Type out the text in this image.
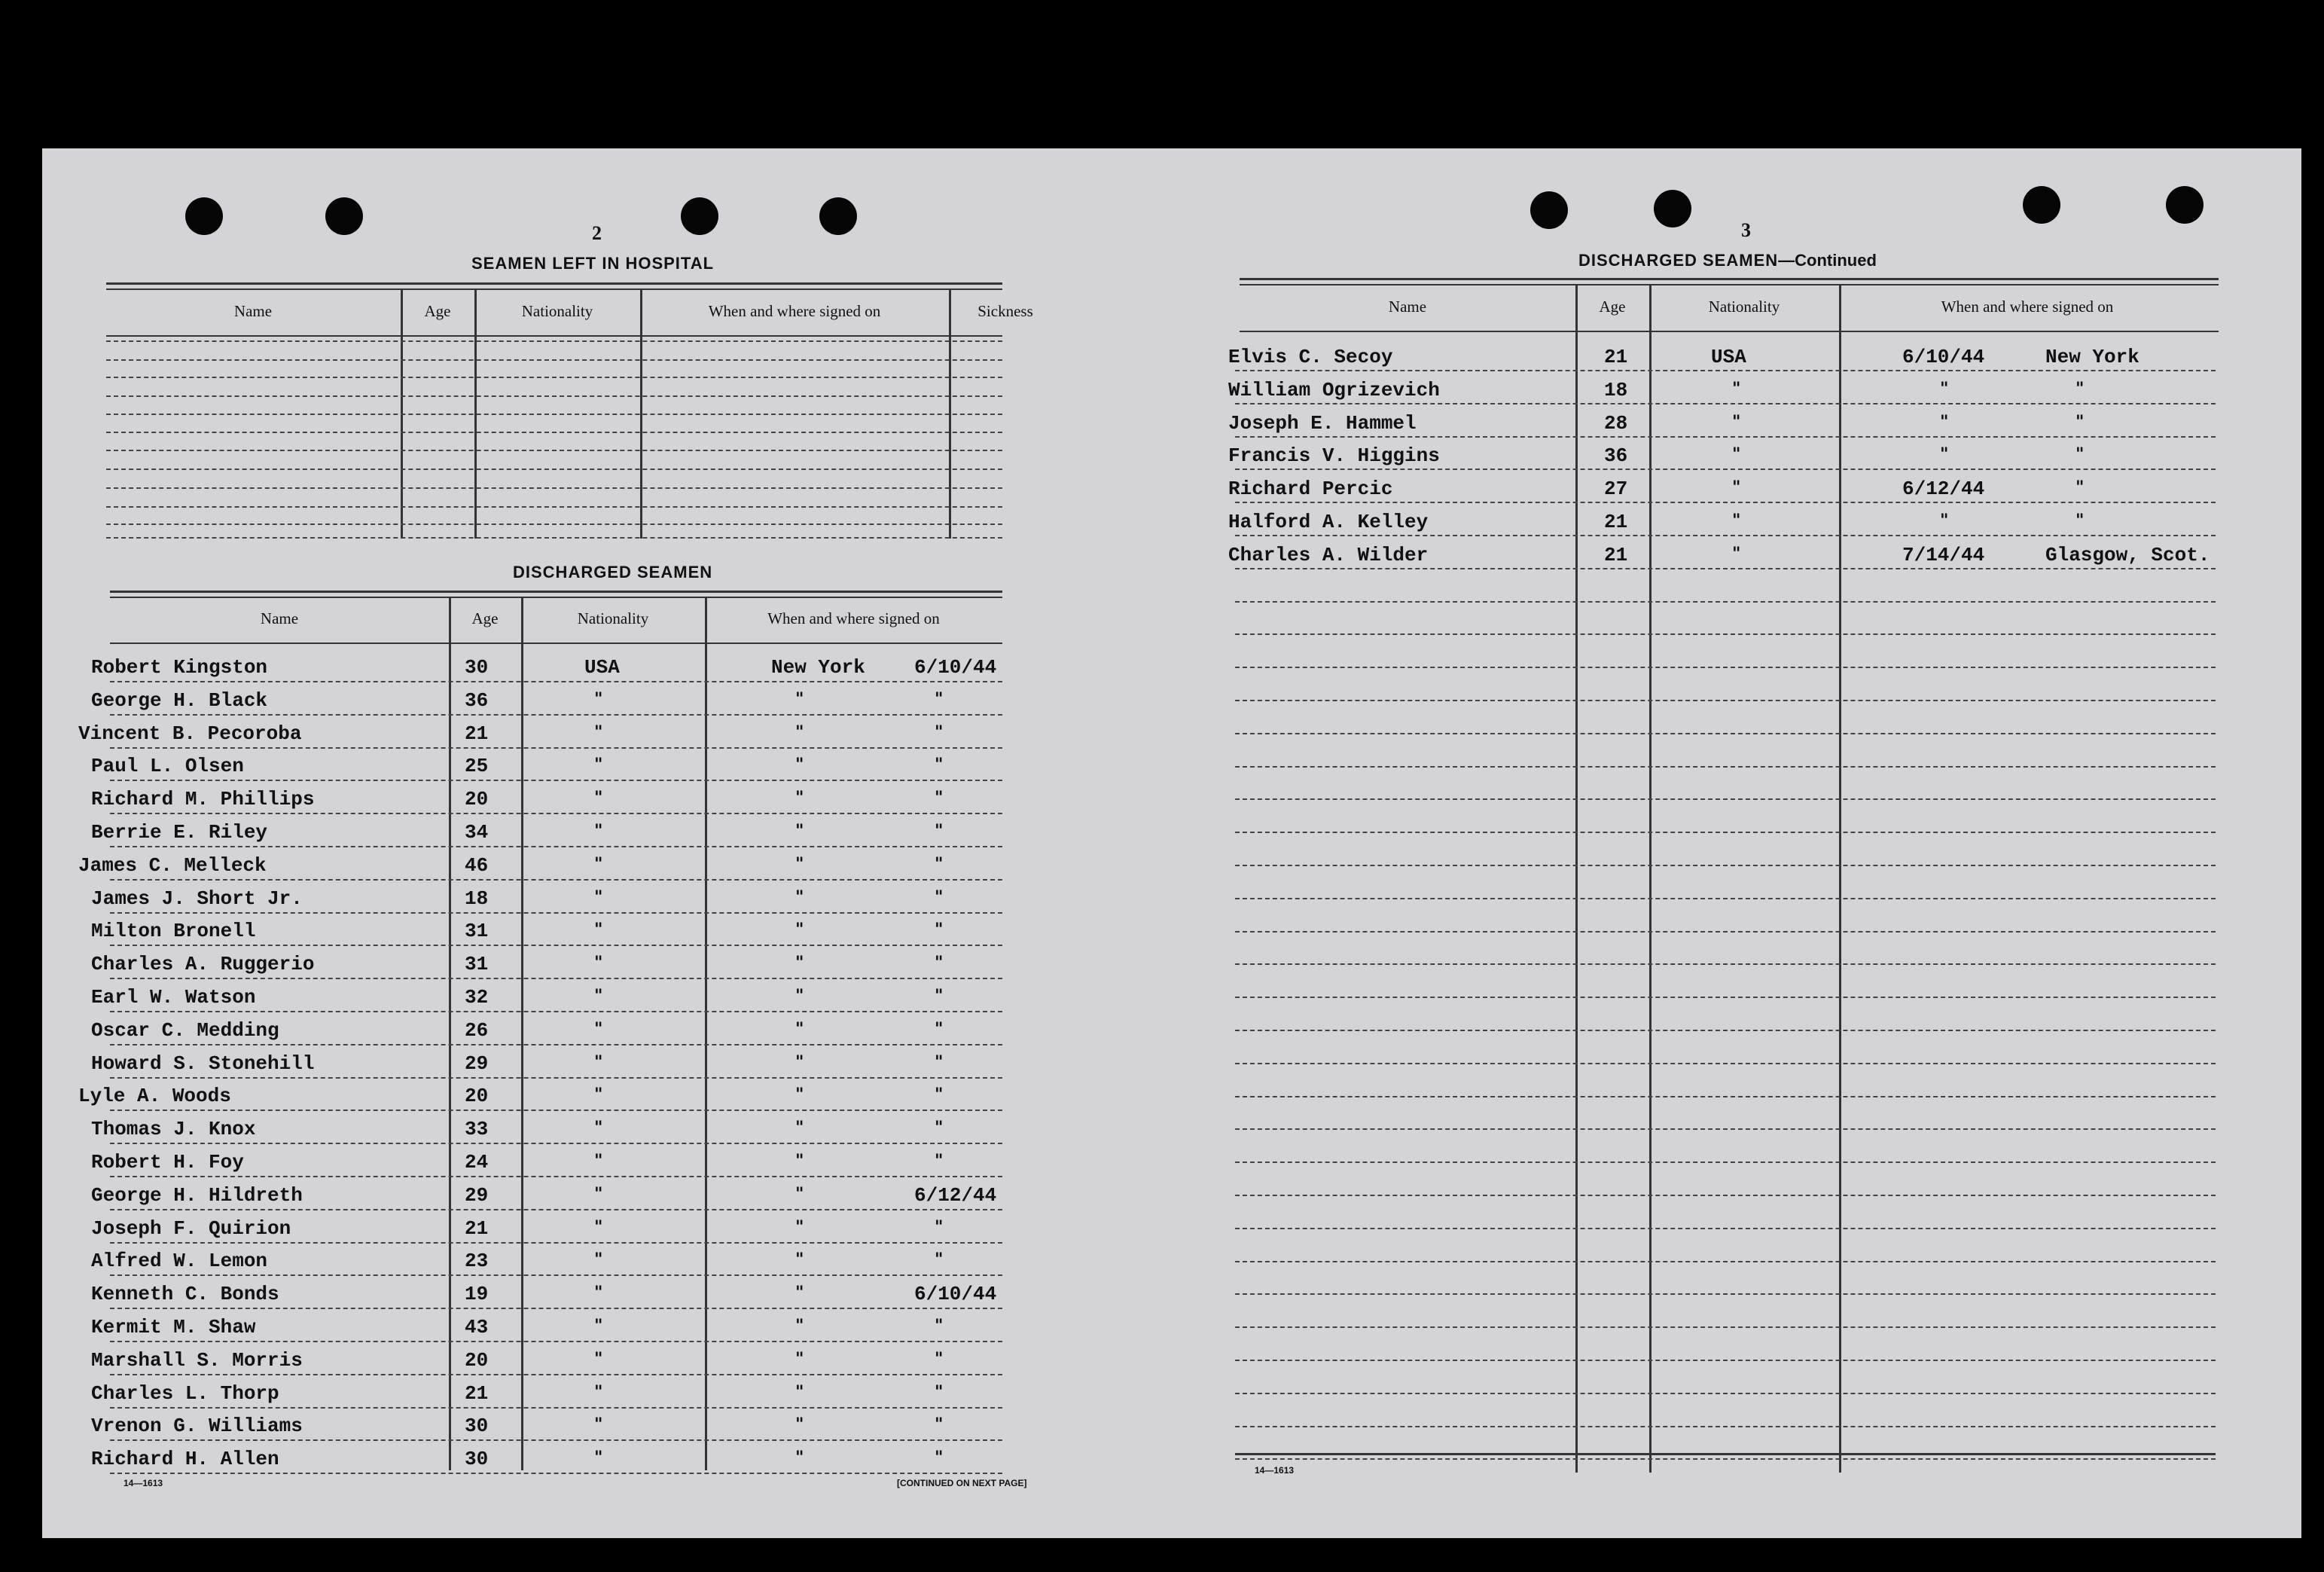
2
SEAMEN LEFT IN HOSPITAL
DISCHARGED SEAMEN
14—1613	[CONTINUED ON NEXT PAGE]
3
DISCHARGED SEAMEN—Continued
14—1613
Name	Age	Nationality	When and where signed on	Sickness
Name	Age	Nationality	When and where signed on
Robert Kingston	30	USA	New York	6/10/44
George H. Black	36	"	"	"
Vincent B. Pecoroba	21	"	"	"
Paul L. Olsen	25	"	"	"
Richard M. Phillips	20	"	"	"
Berrie E. Riley	34	"	"	"
James C. Melleck	46	"	"	"
James J. Short Jr.	18	"	"	"
Milton Bronell	31	"	"	"
Charles A. Ruggerio	31	"	"	"
Earl W. Watson	32	"	"	"
Oscar C. Medding	26	"	"	"
Howard S. Stonehill	29	"	"	"
Lyle A. Woods	20	"	"	"
Thomas J. Knox	33	"	"	"
Robert H. Foy	24	"	"	"
George H. Hildreth	29	"	"	6/12/44
Joseph F. Quirion	21	"	"	"
Alfred W. Lemon	23	"	"	"
Kenneth C. Bonds	19	"	"	6/10/44
Kermit M. Shaw	43	"	"	"
Marshall S. Morris	20	"	"	"
Charles L. Thorp	21	"	"	"
Vrenon G. Williams	30	"	"	"
Richard H. Allen	30	"	"	"
Name	Age	Nationality	When and where signed on
Elvis C. Secoy	21	USA	6/10/44	New York
William Ogrizevich	18	"	"	"
Joseph E. Hammel	28	"	"	"
Francis V. Higgins	36	"	"	"
Richard Percic	27	"	6/12/44	"
Halford A. Kelley	21	"	"	"
Charles A. Wilder	21	"	7/14/44	Glasgow, Scot.
